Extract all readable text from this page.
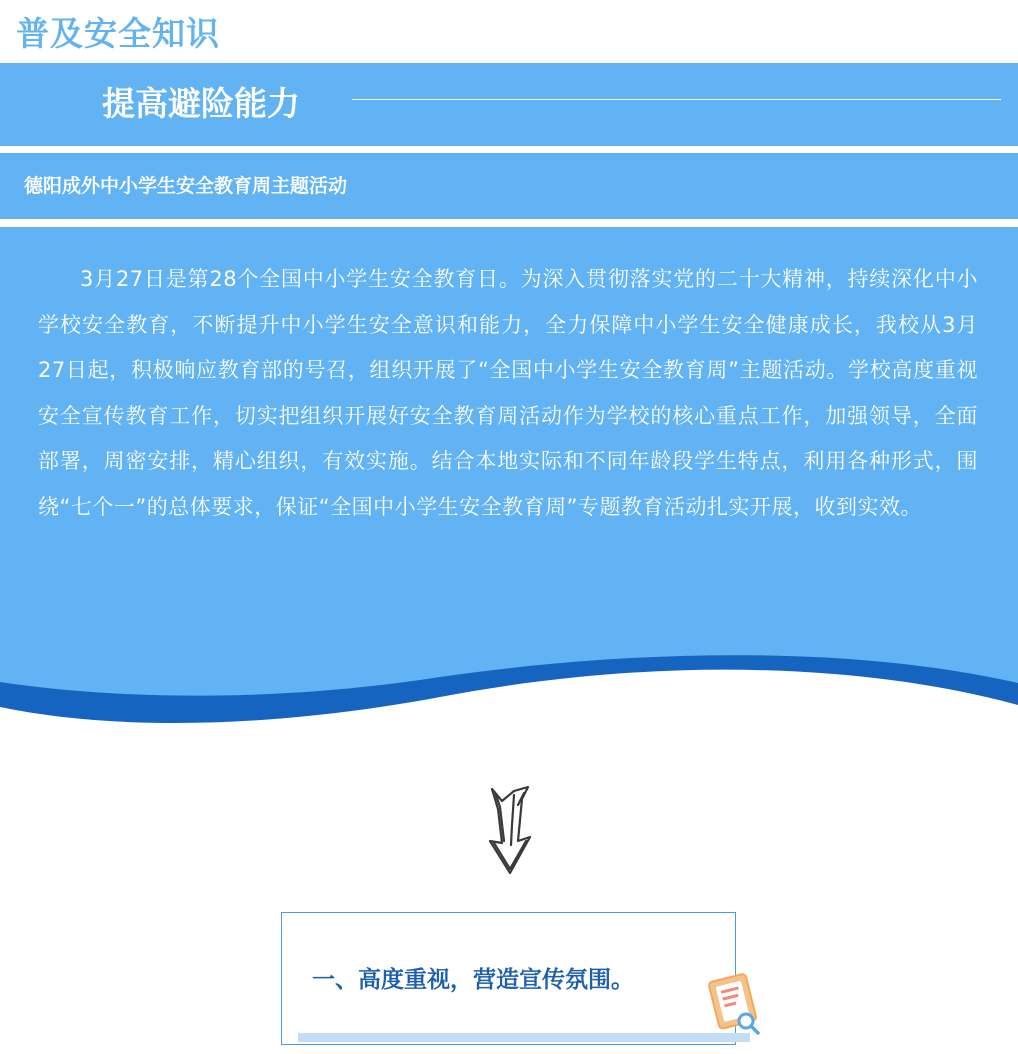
普及安全知识
提高避险能力
德阳成外中小学生安全教育周主题活动

3月27日是第28个全国中小学生安全教育日。为深入贯彻落实党的二十大精神，持续深化中小学校安全教育，不断提升中小学生安全意识和能力，全力保障中小学生安全健康成长，我校从3月27日起，积极响应教育部的号召，组织开展了“全国中小学生安全教育周”主题活动。学校高度重视安全宣传教育工作，切实把组织开展好安全教育周活动作为学校的核心重点工作，加强领导，全面部署，周密安排，精心组织，有效实施。结合本地实际和不同年龄段学生特点，利用各种形式，围绕“七个一”的总体要求，保证“全国中小学生安全教育周”专题教育活动扎实开展，收到实效。

一、高度重视，营造宣传氛围。
